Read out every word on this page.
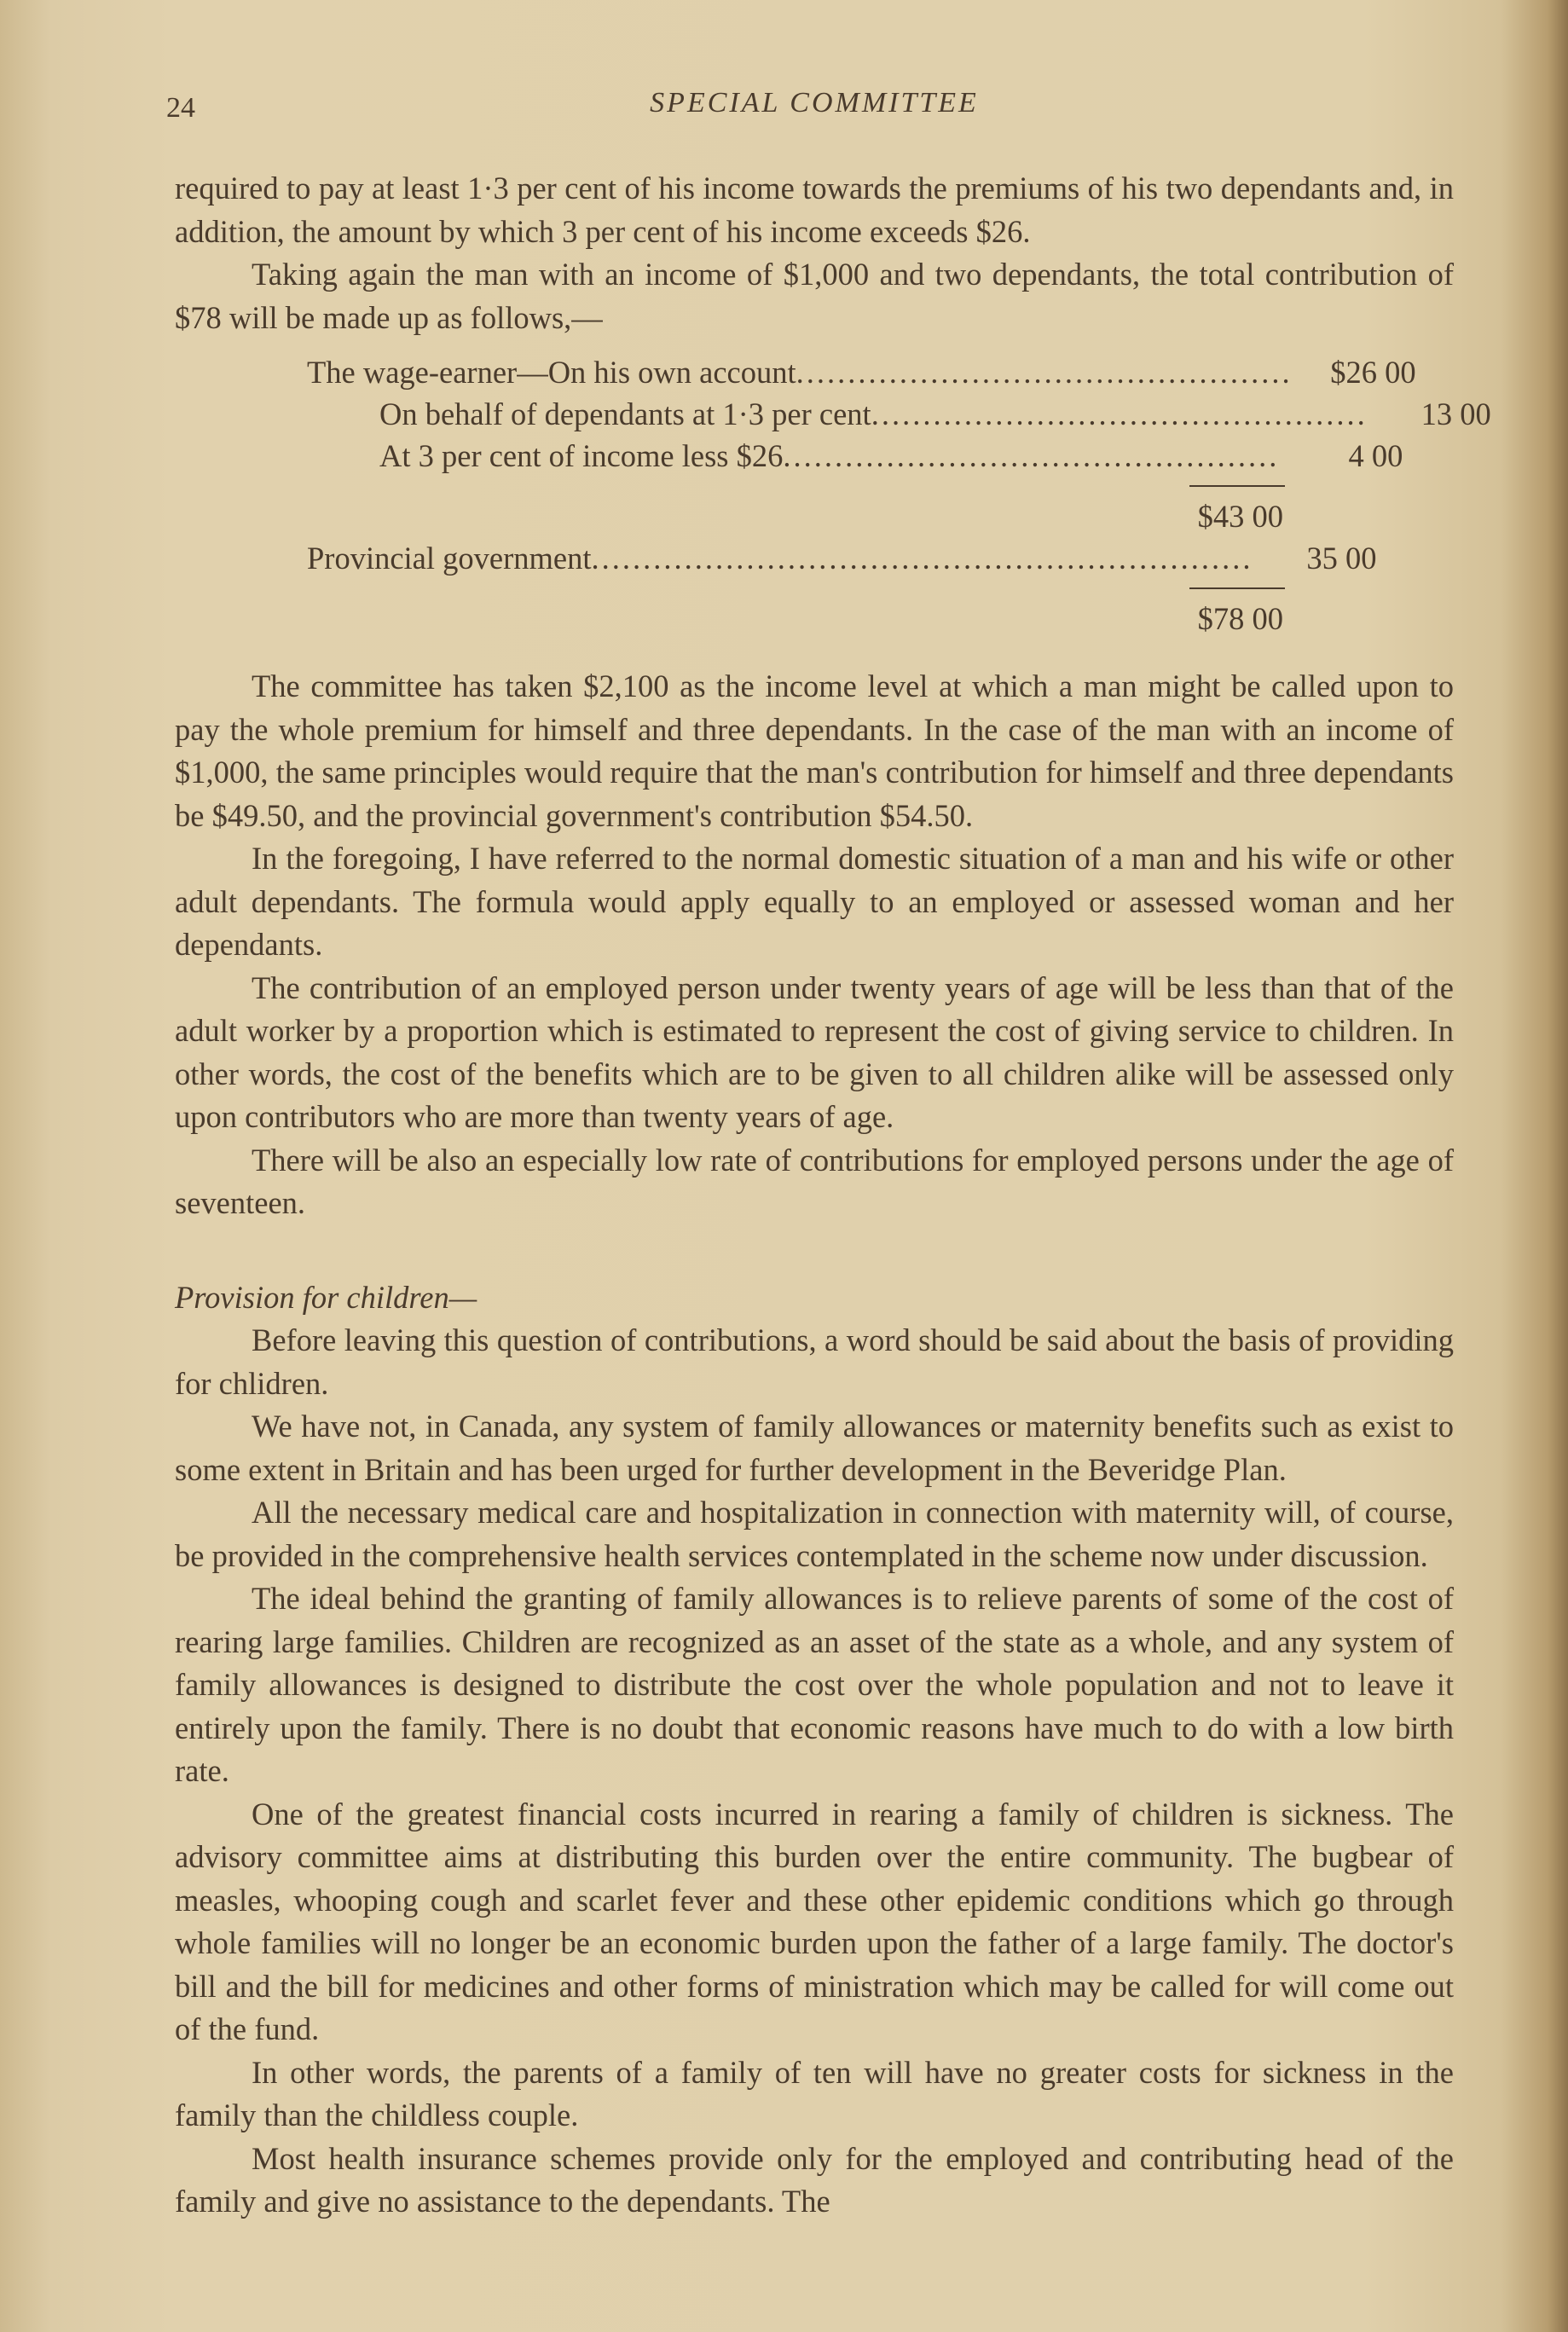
24	SPECIAL COMMITTEE

required to pay at least 1·3 per cent of his income towards the premiums of his two dependants and, in addition, the amount by which 3 per cent of his income exceeds $26.

Taking again the man with an income of $1,000 and two dependants, the total contribution of $78 will be made up as follows,—

The wage-earner—On his own account................................................	$26 00
On behalf of dependants at 1·3 per cent................................................	13 00
At 3 per cent of income less $26................................................	4 00
$43 00
Provincial government................................................................	35 00
$78 00

The committee has taken $2,100 as the income level at which a man might be called upon to pay the whole premium for himself and three dependants. In the case of the man with an income of $1,000, the same principles would require that the man's contribution for himself and three dependants be $49.50, and the provincial government's contribution $54.50.

In the foregoing, I have referred to the normal domestic situation of a man and his wife or other adult dependants. The formula would apply equally to an employed or assessed woman and her dependants.

The contribution of an employed person under twenty years of age will be less than that of the adult worker by a proportion which is estimated to represent the cost of giving service to children. In other words, the cost of the benefits which are to be given to all children alike will be assessed only upon contributors who are more than twenty years of age.

There will be also an especially low rate of contributions for employed persons under the age of seventeen.

Provision for children—

Before leaving this question of contributions, a word should be said about the basis of providing for chlidren.

We have not, in Canada, any system of family allowances or maternity benefits such as exist to some extent in Britain and has been urged for further development in the Beveridge Plan.

All the necessary medical care and hospitalization in connection with maternity will, of course, be provided in the comprehensive health services contemplated in the scheme now under discussion.

The ideal behind the granting of family allowances is to relieve parents of some of the cost of rearing large families. Children are recognized as an asset of the state as a whole, and any system of family allowances is designed to distribute the cost over the whole population and not to leave it entirely upon the family. There is no doubt that economic reasons have much to do with a low birth rate.

One of the greatest financial costs incurred in rearing a family of children is sickness. The advisory committee aims at distributing this burden over the entire community. The bugbear of measles, whooping cough and scarlet fever and these other epidemic conditions which go through whole families will no longer be an economic burden upon the father of a large family. The doctor's bill and the bill for medicines and other forms of ministration which may be called for will come out of the fund.

In other words, the parents of a family of ten will have no greater costs for sickness in the family than the childless couple.

Most health insurance schemes provide only for the employed and contributing head of the family and give no assistance to the dependants. The
